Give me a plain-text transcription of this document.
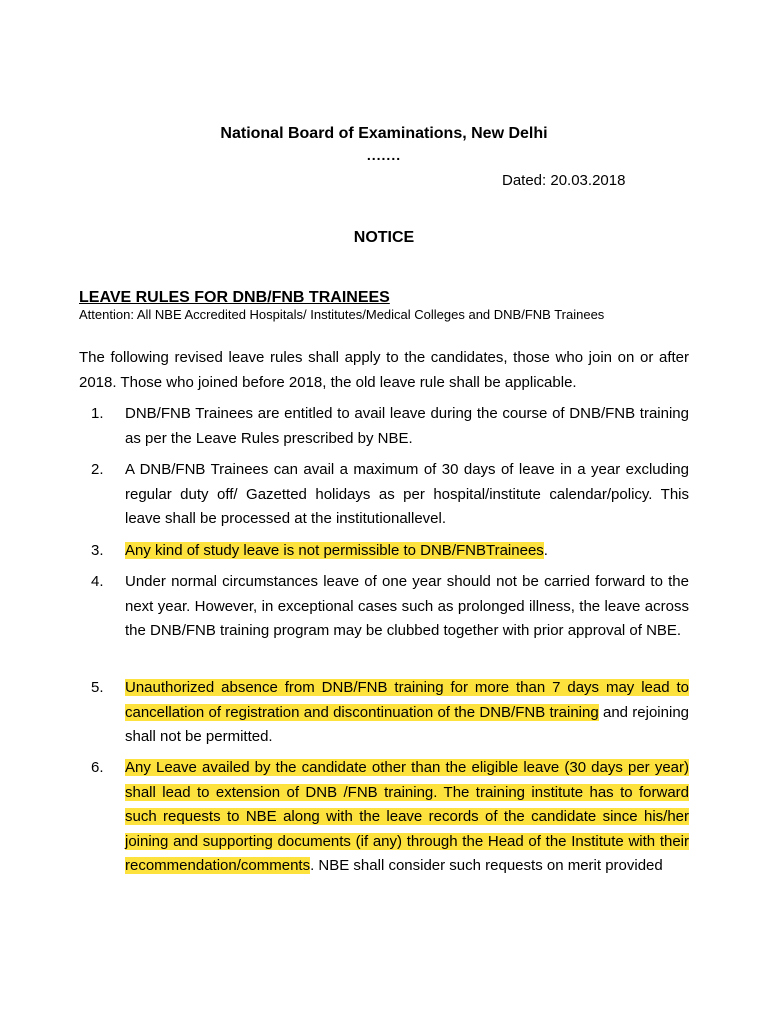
National Board of Examinations, New Delhi
.......
Dated: 20.03.2018
NOTICE
LEAVE RULES FOR DNB/FNB TRAINEES
Attention: All NBE Accredited Hospitals/ Institutes/Medical Colleges and DNB/FNB Trainees
The following revised leave rules shall apply to the candidates, those who join on or after 2018. Those who joined before 2018, the old leave rule shall be applicable.
1. DNB/FNB Trainees are entitled to avail leave during the course of DNB/FNB training as per the Leave Rules prescribed by NBE.
2. A DNB/FNB Trainees can avail a maximum of 30 days of leave in a year excluding regular duty off/ Gazetted holidays as per hospital/institute calendar/policy. This leave shall be processed at the institutionallevel.
3. Any kind of study leave is not permissible to DNB/FNBTrainees.
4. Under normal circumstances leave of one year should not be carried forward to the next year. However, in exceptional cases such as prolonged illness, the leave across the DNB/FNB training program may be clubbed together with prior approval of NBE.
5. Unauthorized absence from DNB/FNB training for more than 7 days may lead to cancellation of registration and discontinuation of the DNB/FNB training and rejoining shall not be permitted.
6. Any Leave availed by the candidate other than the eligible leave (30 days per year) shall lead to extension of DNB /FNB training. The training institute has to forward such requests to NBE along with the leave records of the candidate since his/her joining and supporting documents (if any) through the Head of the Institute with their recommendation/comments. NBE shall consider such requests on merit provided
